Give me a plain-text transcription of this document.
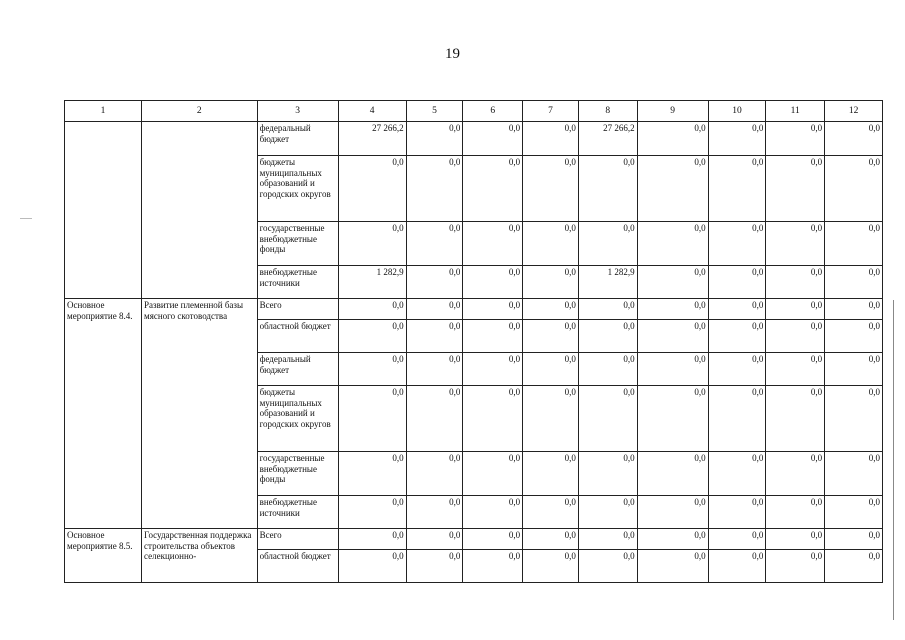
19
1	2	3	4	5	6	7	8	9	10	11	12
		федеральный бюджет	27 266,2	0,0	0,0	0,0	27 266,2	0,0	0,0	0,0	0,0
		бюджеты муниципальных образований и городских округов	0,0	0,0	0,0	0,0	0,0	0,0	0,0	0,0	0,0
		государственные внебюджетные фонды	0,0	0,0	0,0	0,0	0,0	0,0	0,0	0,0	0,0
		внебюджетные источники	1 282,9	0,0	0,0	0,0	1 282,9	0,0	0,0	0,0	0,0
Основное мероприятие 8.4.	Развитие племенной базы мясного скотоводства	Всего	0,0	0,0	0,0	0,0	0,0	0,0	0,0	0,0	0,0
		областной бюджет	0,0	0,0	0,0	0,0	0,0	0,0	0,0	0,0	0,0
		федеральный бюджет	0,0	0,0	0,0	0,0	0,0	0,0	0,0	0,0	0,0
		бюджеты муниципальных образований и городских округов	0,0	0,0	0,0	0,0	0,0	0,0	0,0	0,0	0,0
		государственные внебюджетные фонды	0,0	0,0	0,0	0,0	0,0	0,0	0,0	0,0	0,0
		внебюджетные источники	0,0	0,0	0,0	0,0	0,0	0,0	0,0	0,0	0,0
Основное мероприятие 8.5.	Государственная поддержка строительства объектов селекционно-	Всего	0,0	0,0	0,0	0,0	0,0	0,0	0,0	0,0	0,0
		областной бюджет	0,0	0,0	0,0	0,0	0,0	0,0	0,0	0,0	0,0
